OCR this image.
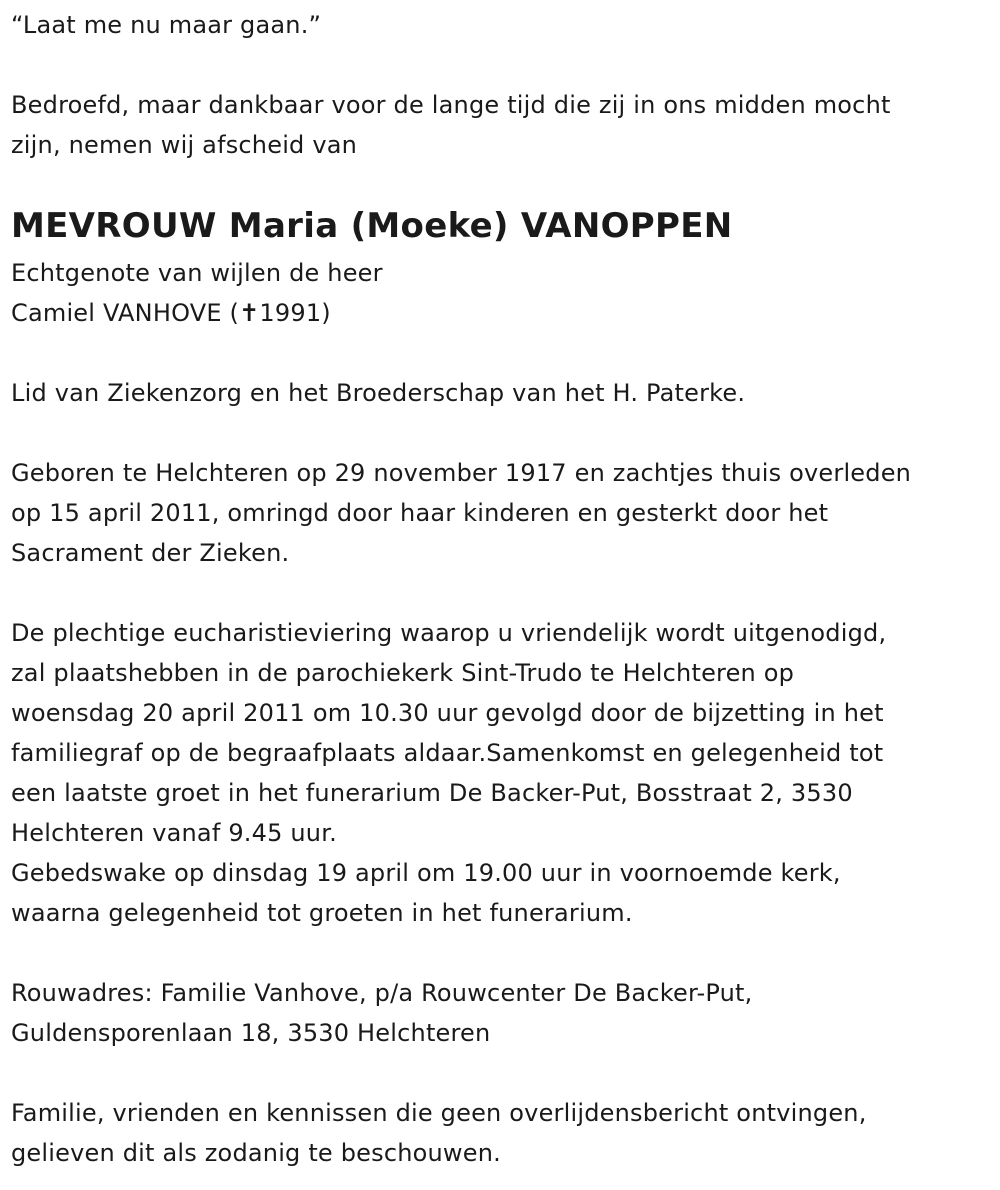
“Laat me nu maar gaan.”
Bedroefd, maar dankbaar voor de lange tijd die zij in ons midden mocht
zijn, nemen wij afscheid van
MEVROUW Maria (Moeke) VANOPPEN
Echtgenote van wijlen de heer
Camiel VANHOVE (✝1991)
Lid van Ziekenzorg en het Broederschap van het H. Paterke.
Geboren te Helchteren op 29 november 1917 en zachtjes thuis overleden
op 15 april 2011, omringd door haar kinderen en gesterkt door het
Sacrament der Zieken.
De plechtige eucharistieviering waarop u vriendelijk wordt uitgenodigd,
zal plaatshebben in de parochiekerk Sint-Trudo te Helchteren op
woensdag 20 april 2011 om 10.30 uur gevolgd door de bijzetting in het
familiegraf op de begraafplaats aldaar.Samenkomst en gelegenheid tot
een laatste groet in het funerarium De Backer-Put, Bosstraat 2, 3530
Helchteren vanaf 9.45 uur.
Gebedswake op dinsdag 19 april om 19.00 uur in voornoemde kerk,
waarna gelegenheid tot groeten in het funerarium.
Rouwadres: Familie Vanhove, p/a Rouwcenter De Backer-Put,
Guldensporenlaan 18, 3530 Helchteren
Familie, vrienden en kennissen die geen overlijdensbericht ontvingen,
gelieven dit als zodanig te beschouwen.
